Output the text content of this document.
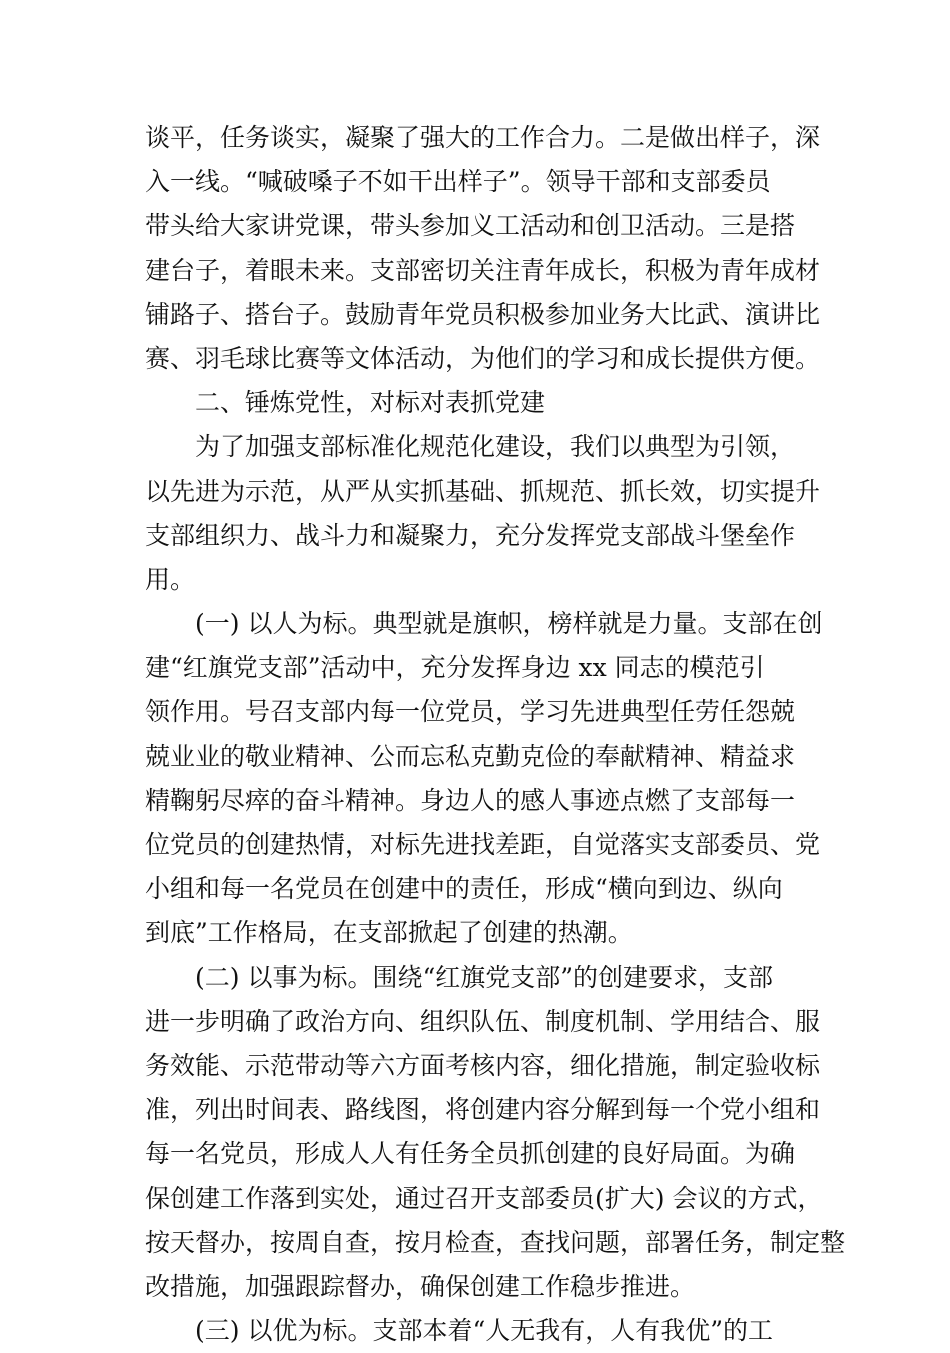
谈平，任务谈实，凝聚了强大的工作合力。二是做出样子，深
入一线。“喊破嗓子不如干出样子”。领导干部和支部委员
带头给大家讲党课，带头参加义工活动和创卫活动。三是搭
建台子，着眼未来。支部密切关注青年成长，积极为青年成材
铺路子、搭台子。鼓励青年党员积极参加业务大比武、演讲比
赛、羽毛球比赛等文体活动，为他们的学习和成长提供方便。
二、锤炼党性，对标对表抓党建
为了加强支部标准化规范化建设，我们以典型为引领，
以先进为示范，从严从实抓基础、抓规范、抓长效，切实提升
支部组织力、战斗力和凝聚力，充分发挥党支部战斗堡垒作
用。
(一) 以人为标。典型就是旗帜，榜样就是力量。支部在创
建“红旗党支部”活动中，充分发挥身边 xx 同志的模范引
领作用。号召支部内每一位党员，学习先进典型任劳任怨兢
兢业业的敬业精神、公而忘私克勤克俭的奉献精神、精益求
精鞠躬尽瘁的奋斗精神。身边人的感人事迹点燃了支部每一
位党员的创建热情，对标先进找差距，自觉落实支部委员、党
小组和每一名党员在创建中的责任，形成“横向到边、纵向
到底”工作格局，在支部掀起了创建的热潮。
(二) 以事为标。围绕“红旗党支部”的创建要求，支部
进一步明确了政治方向、组织队伍、制度机制、学用结合、服
务效能、示范带动等六方面考核内容，细化措施，制定验收标
准，列出时间表、路线图，将创建内容分解到每一个党小组和
每一名党员，形成人人有任务全员抓创建的良好局面。为确
保创建工作落到实处，通过召开支部委员(扩大) 会议的方式，
按天督办，按周自查，按月检查，查找问题，部署任务，制定整
改措施，加强跟踪督办，确保创建工作稳步推进。
(三) 以优为标。支部本着“人无我有，人有我优”的工
